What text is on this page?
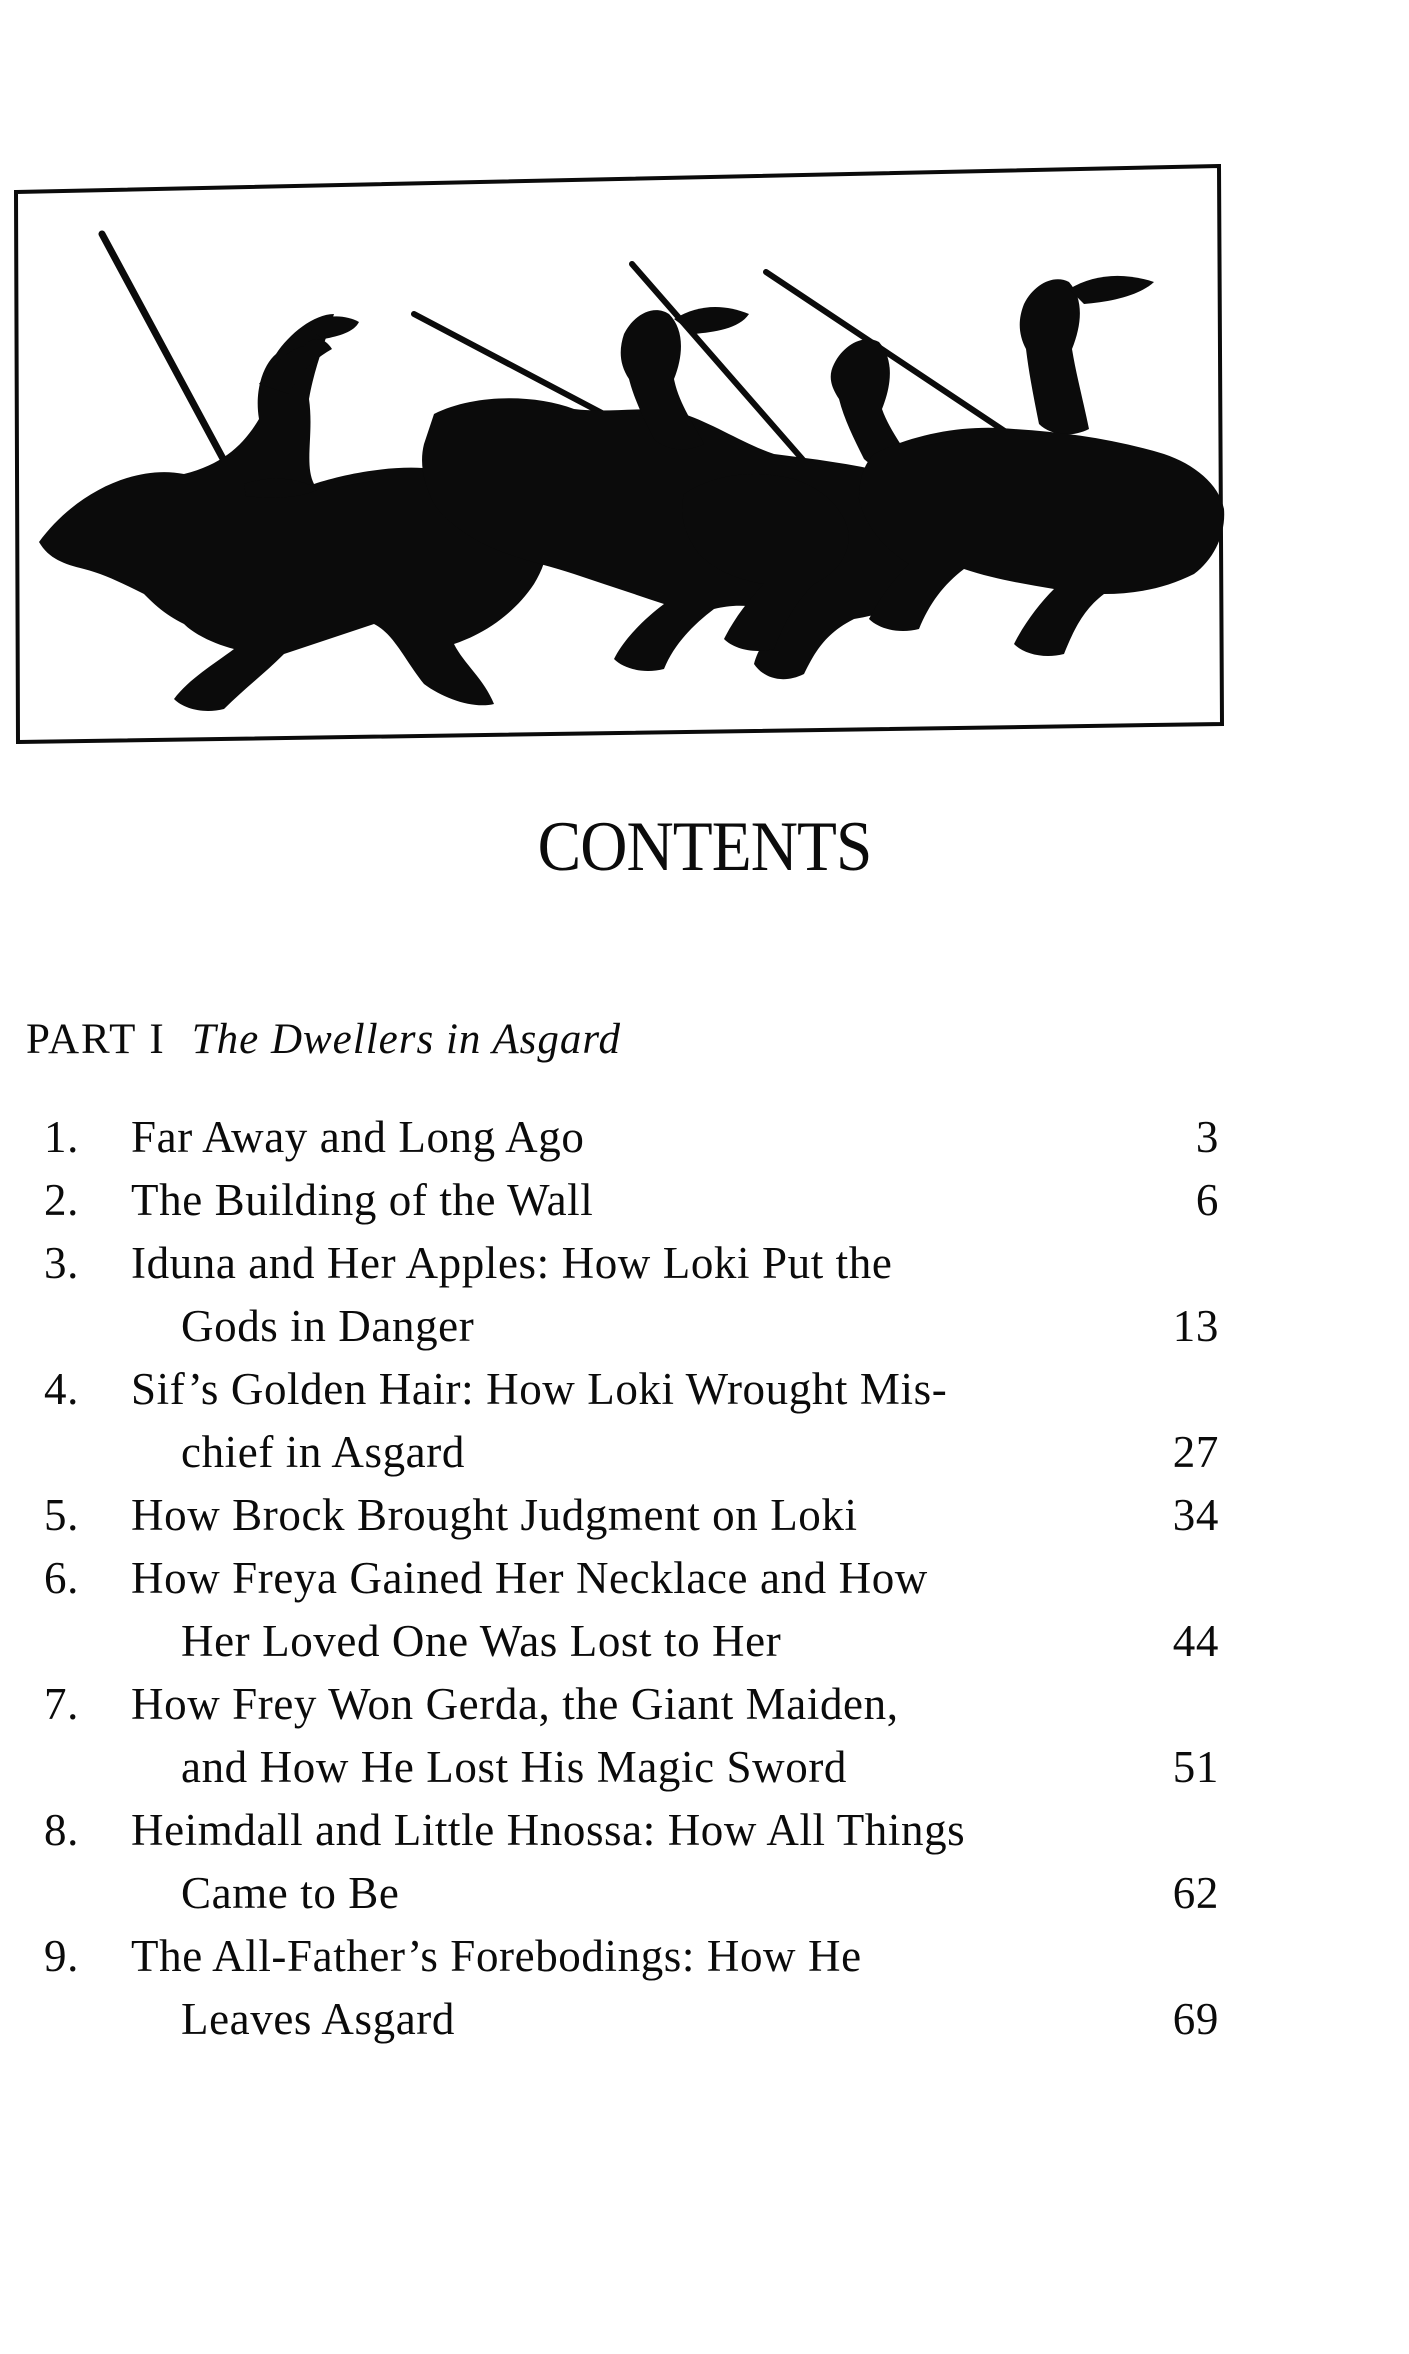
CONTENTS
PART I The Dwellers in Asgard
1. Far Away and Long Ago	3
2. The Building of the Wall	6
3. Iduna and Her Apples: How Loki Put the
Gods in Danger	13
4. Sif’s Golden Hair: How Loki Wrought Mis-
chief in Asgard	27
5. How Brock Brought Judgment on Loki	34
6. How Freya Gained Her Necklace and How
Her Loved One Was Lost to Her	44
7. How Frey Won Gerda, the Giant Maiden,
and How He Lost His Magic Sword	51
8. Heimdall and Little Hnossa: How All Things
Came to Be	62
9. The All-Father’s Forebodings: How He
Leaves Asgard	69
